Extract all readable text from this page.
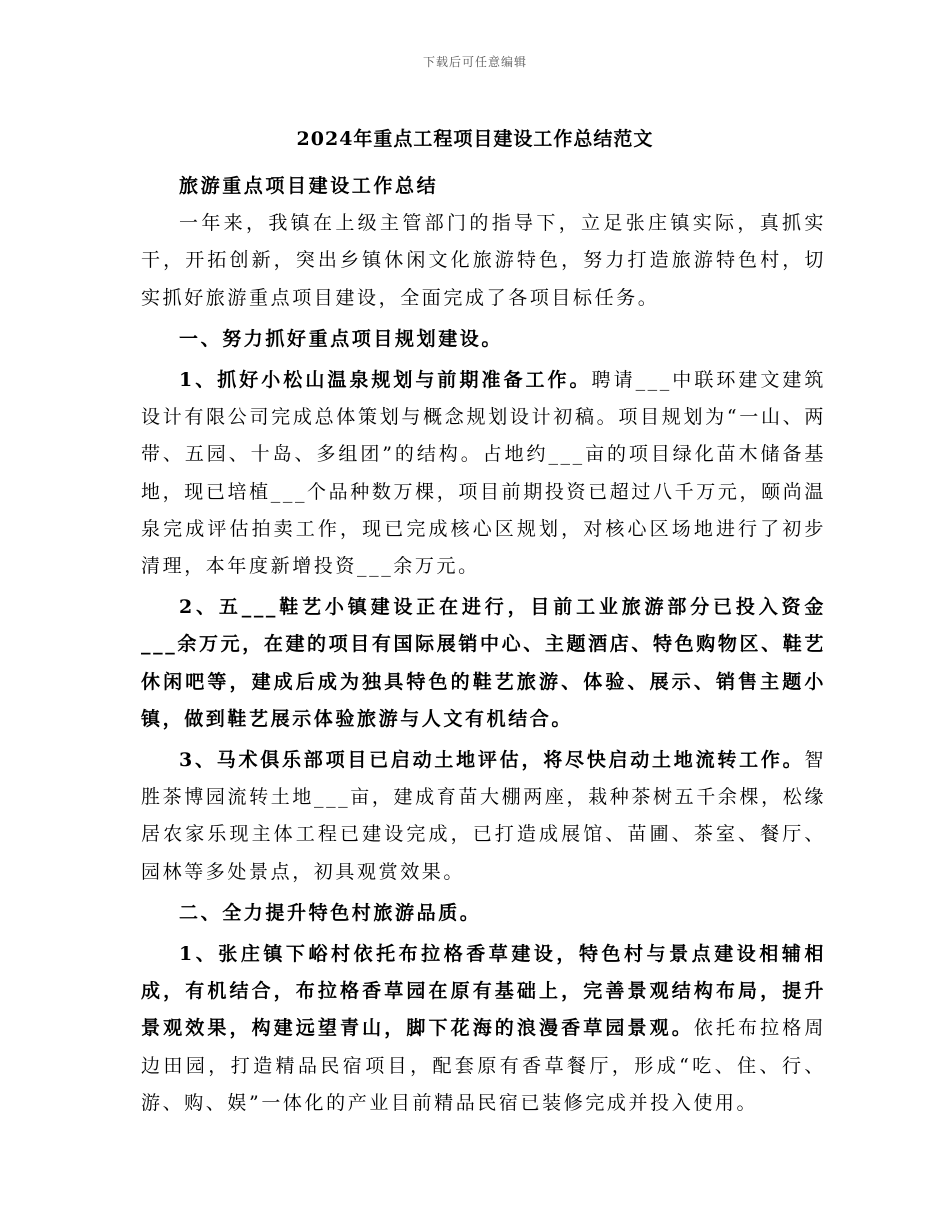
下载后可任意编辑
2024年重点工程项目建设工作总结范文

旅游重点项目建设工作总结

一年来，我镇在上级主管部门的指导下，立足张庄镇实际，真抓实干，开拓创新，突出乡镇休闲文化旅游特色，努力打造旅游特色村，切实抓好旅游重点项目建设，全面完成了各项目标任务。

一、努力抓好重点项目规划建设。

1、抓好小松山温泉规划与前期准备工作。聘请___中联环建文建筑设计有限公司完成总体策划与概念规划设计初稿。项目规划为“一山、两带、五园、十岛、多组团”的结构。占地约___亩的项目绿化苗木储备基地，现已培植___个品种数万棵，项目前期投资已超过八千万元，颐尚温泉完成评估拍卖工作，现已完成核心区规划，对核心区场地进行了初步清理，本年度新增投资___余万元。

2、五___鞋艺小镇建设正在进行，目前工业旅游部分已投入资金___余万元，在建的项目有国际展销中心、主题酒店、特色购物区、鞋艺休闲吧等，建成后成为独具特色的鞋艺旅游、体验、展示、销售主题小镇，做到鞋艺展示体验旅游与人文有机结合。

3、马术俱乐部项目已启动土地评估，将尽快启动土地流转工作。智胜茶博园流转土地___亩，建成育苗大棚两座，栽种茶树五千余棵，松缘居农家乐现主体工程已建设完成，已打造成展馆、苗圃、茶室、餐厅、园林等多处景点，初具观赏效果。

二、全力提升特色村旅游品质。

1、张庄镇下峪村依托布拉格香草建设，特色村与景点建设相辅相成，有机结合，布拉格香草园在原有基础上，完善景观结构布局，提升景观效果，构建远望青山，脚下花海的浪漫香草园景观。依托布拉格周边田园，打造精品民宿项目，配套原有香草餐厅，形成“吃、住、行、游、购、娱”一体化的产业目前精品民宿已装修完成并投入使用。
